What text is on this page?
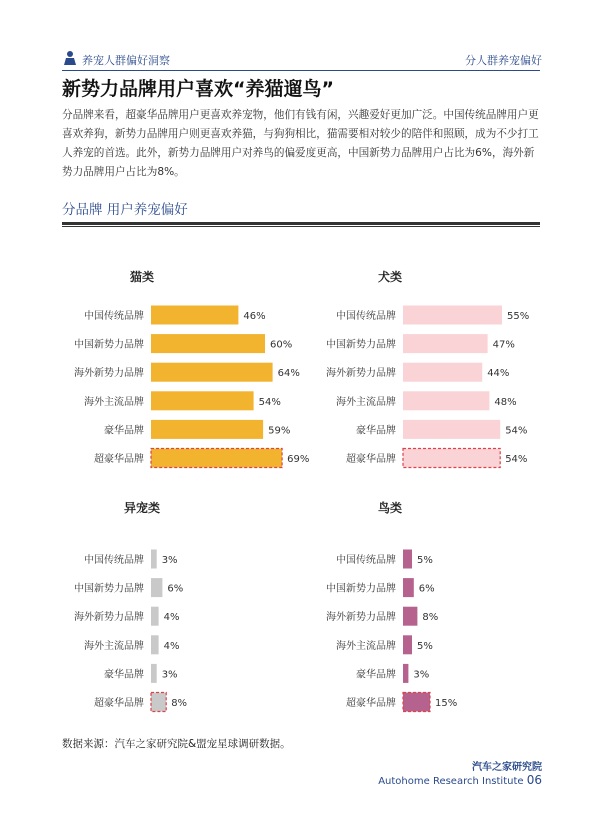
养宠人群偏好洞察	分人群养宠偏好
新势力品牌用户喜欢“养猫遛鸟”
分品牌来看，超豪华品牌用户更喜欢养宠物，他们有钱有闲，兴趣爱好更加广泛。中国传统品牌用户更喜欢养狗，新势力品牌用户则更喜欢养猫，与狗狗相比，猫需要相对较少的陪伴和照顾，成为不少打工人养宠的首选。此外，新势力品牌用户对养鸟的偏爱度更高，中国新势力品牌用户占比为6%，海外新势力品牌用户占比为8%。
分品牌 用户养宠偏好
猫类
中国传统品牌	46%
中国新势力品牌	60%
海外新势力品牌	64%
海外主流品牌	54%
豪华品牌	59%
超豪华品牌	69%
犬类
中国传统品牌	55%
中国新势力品牌	47%
海外新势力品牌	44%
海外主流品牌	48%
豪华品牌	54%
超豪华品牌	54%
异宠类
中国传统品牌 3%
中国新势力品牌 6%
海外新势力品牌 4%
海外主流品牌 4%
豪华品牌 3%
超豪华品牌	8%
鸟类
中国传统品牌 5%
中国新势力品牌 6%
海外新势力品牌	8%
海外主流品牌 5%
豪华品牌 3%
超豪华品牌	15%
数据来源：汽车之家研究院&盟宠星球调研数据。
汽车之家研究院
Autohome Research Institute 06
